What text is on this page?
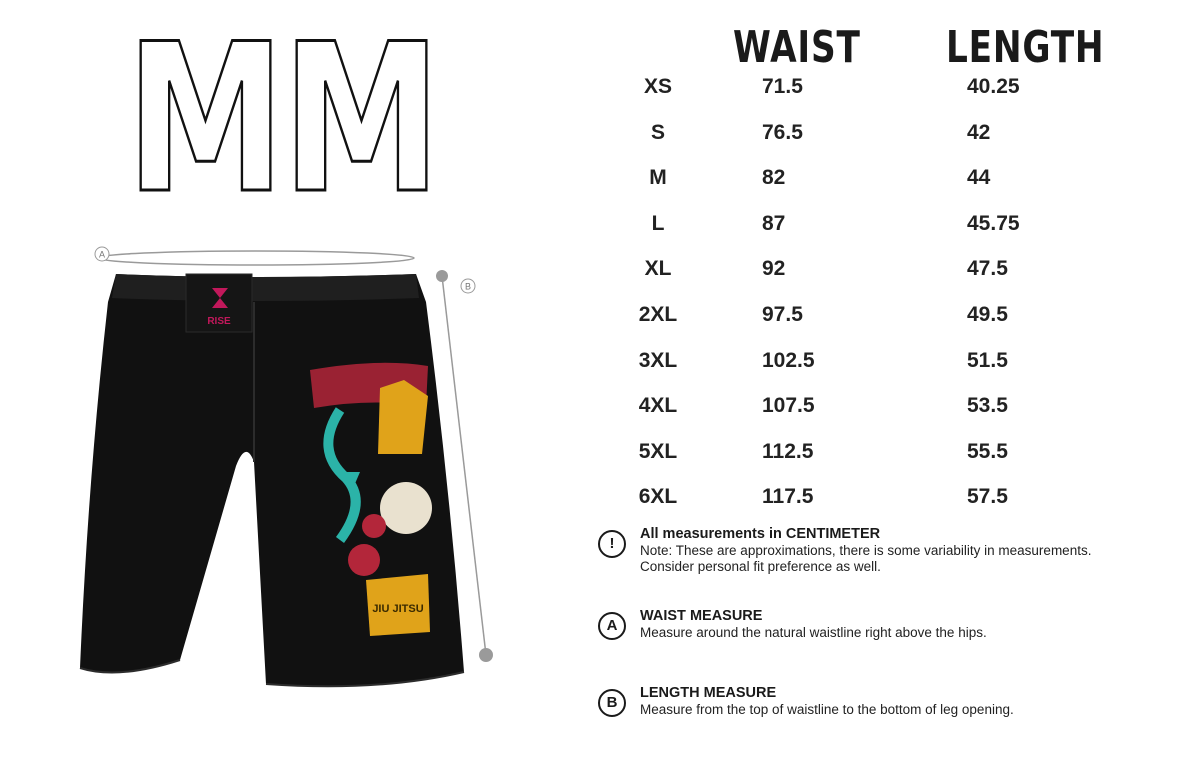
MM
A
B
RISE
JIU JITSU
WAIST LENGTH
XS	71.5	40.25
S	76.5	42
M	82	44
L	87	45.75
XL	92	47.5
2XL	97.5	49.5
3XL	102.5	51.5
4XL	107.5	53.5
5XL	112.5	55.5
6XL	117.5	57.5
!
All measurements in CENTIMETER
Note: These are approximations, there is some variability in measurements.
Consider personal fit preference as well.
A
WAIST MEASURE
Measure around the natural waistline right above the hips.
B
LENGTH MEASURE
Measure from the top of waistline to the bottom of leg opening.
